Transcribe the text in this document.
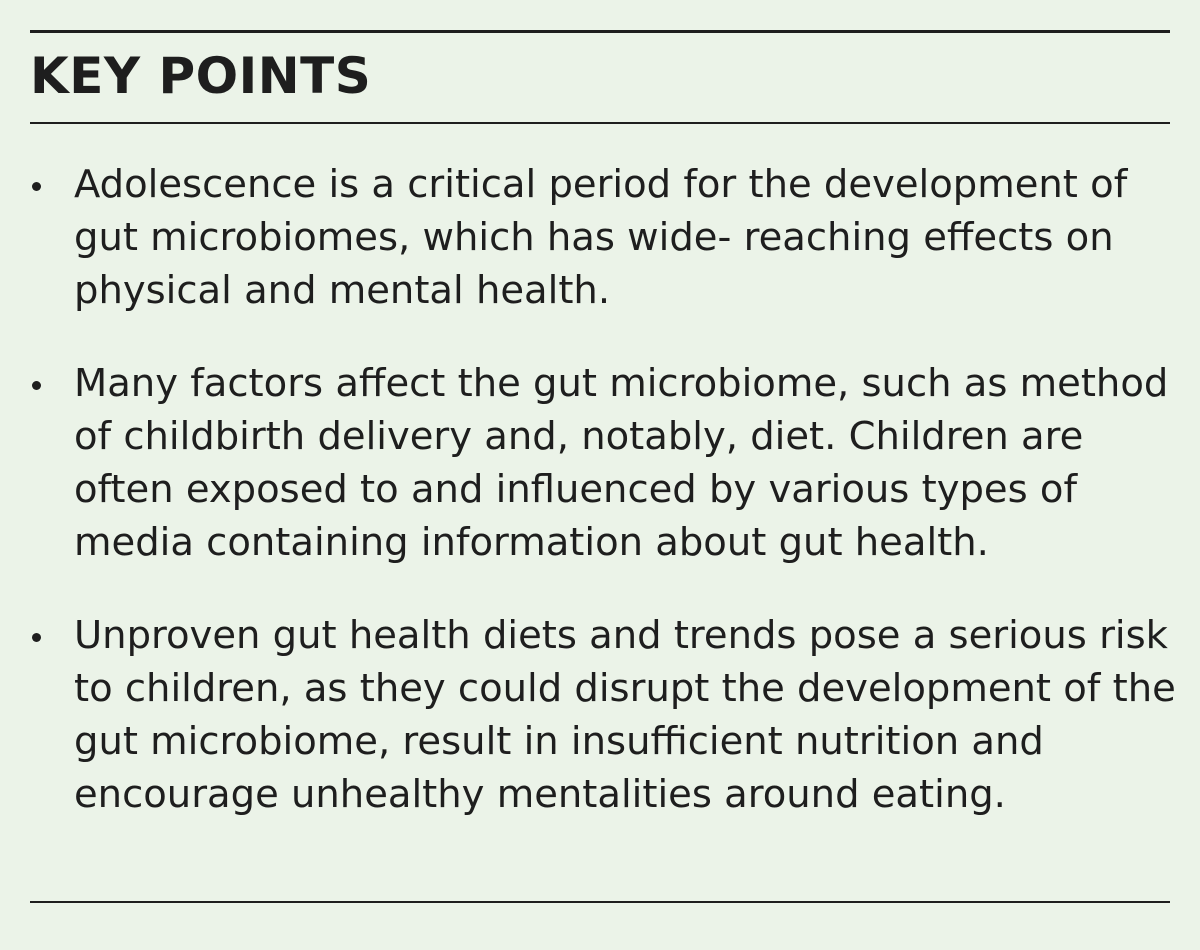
KEY POINTS
Adolescence is a critical period for the development of gut microbiomes, which has wide- reaching effects on physical and mental health.
Many factors affect the gut microbiome, such as method of childbirth delivery and, notably, diet. Children are often exposed to and influenced by various types of media containing information about gut health.
Unproven gut health diets and trends pose a serious risk to children, as they could disrupt the development of the gut microbiome, result in insufficient nutrition and encourage unhealthy mentalities around eating.
